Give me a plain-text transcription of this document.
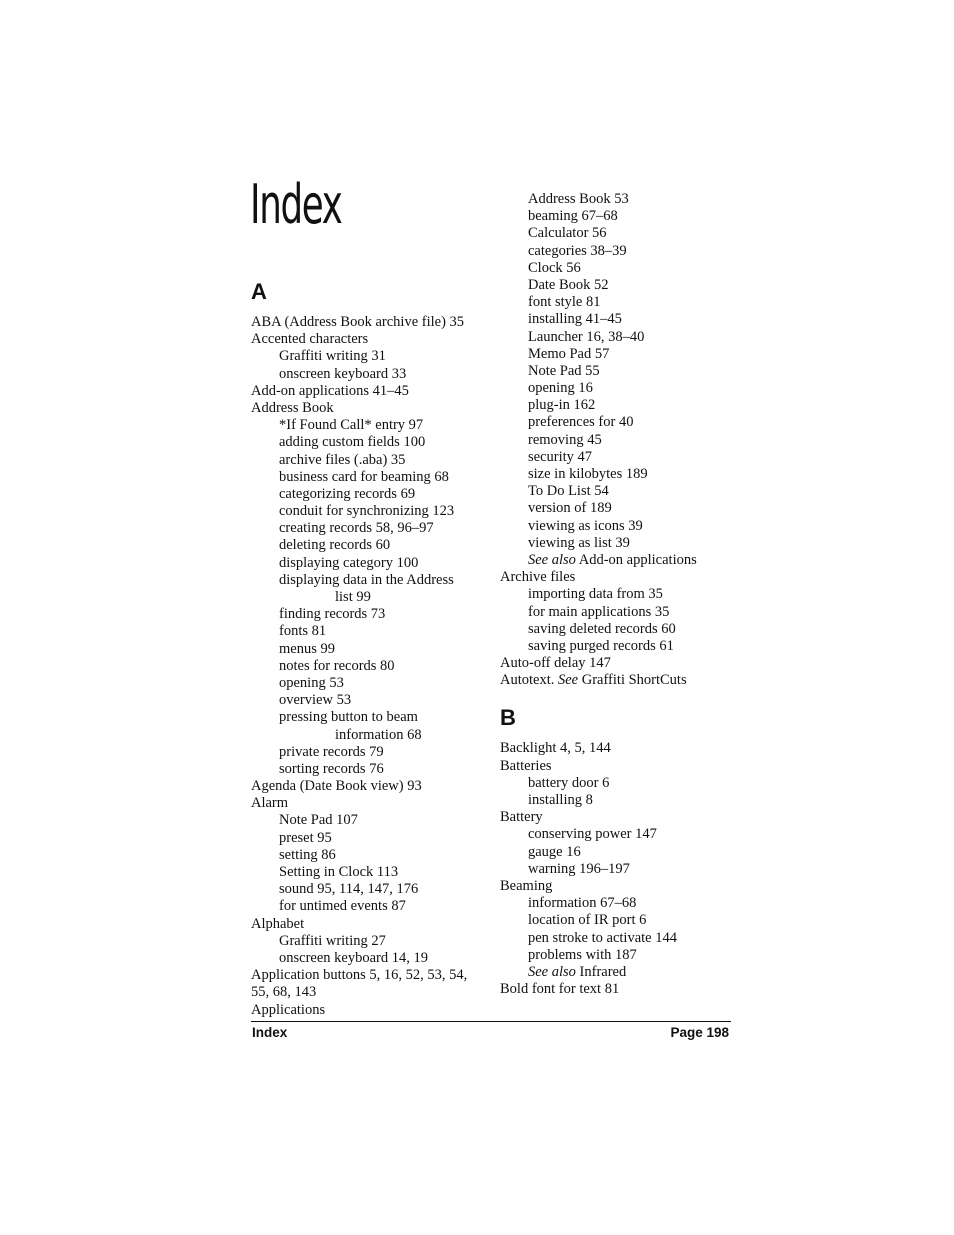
Index
A
ABA (Address Book archive file) 35
Accented characters
Graffiti writing 31
onscreen keyboard 33
Add-on applications 41–45
Address Book
*If Found Call* entry 97
adding custom fields 100
archive files (.aba) 35
business card for beaming 68
categorizing records 69
conduit for synchronizing 123
creating records 58, 96–97
deleting records 60
displaying category 100
displaying data in the Address
list 99
finding records 73
fonts 81
menus 99
notes for records 80
opening 53
overview 53
pressing button to beam
information 68
private records 79
sorting records 76
Agenda (Date Book view) 93
Alarm
Note Pad 107
preset 95
setting 86
Setting in Clock 113
sound 95, 114, 147, 176
for untimed events 87
Alphabet
Graffiti writing 27
onscreen keyboard 14, 19
Application buttons 5, 16, 52, 53, 54,
55, 68, 143
Applications
Address Book 53
beaming 67–68
Calculator 56
categories 38–39
Clock 56
Date Book 52
font style 81
installing 41–45
Launcher 16, 38–40
Memo Pad 57
Note Pad 55
opening 16
plug-in 162
preferences for 40
removing 45
security 47
size in kilobytes 189
To Do List 54
version of 189
viewing as icons 39
viewing as list 39
See also Add-on applications
Archive files
importing data from 35
for main applications 35
saving deleted records 60
saving purged records 61
Auto-off delay 147
Autotext. See Graffiti ShortCuts
B
Backlight 4, 5, 144
Batteries
battery door 6
installing 8
Battery
conserving power 147
gauge 16
warning 196–197
Beaming
information 67–68
location of IR port 6
pen stroke to activate 144
problems with 187
See also Infrared
Bold font for text 81
Index	Page 198
